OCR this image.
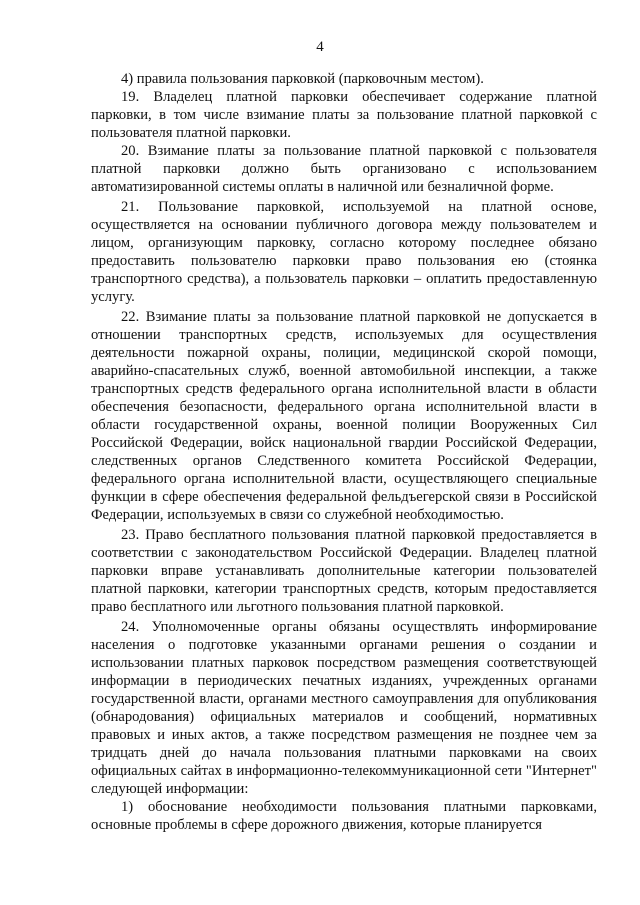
4

4) правила пользования парковкой (парковочным местом).

19. Владелец платной парковки обеспечивает содержание платной парковки, в том числе взимание платы за пользование платной парковкой с пользователя платной парковки.

20. Взимание платы за пользование платной парковкой с пользователя платной парковки должно быть организовано с использованием автоматизированной системы оплаты в наличной или безналичной форме.

21. Пользование парковкой, используемой на платной основе, осуществляется на основании публичного договора между пользователем и лицом, организующим парковку, согласно которому последнее обязано предоставить пользователю парковки право пользования ею (стоянка транспортного средства), а пользователь парковки – оплатить предоставленную услугу.

22. Взимание платы за пользование платной парковкой не допускается в отношении транспортных средств, используемых для осуществления деятельности пожарной охраны, полиции, медицинской скорой помощи, аварийно-спасательных служб, военной автомобильной инспекции, а также транспортных средств федерального органа исполнительной власти в области обеспечения безопасности, федерального органа исполнительной власти в области государственной охраны, военной полиции Вооруженных Сил Российской Федерации, войск национальной гвардии Российской Федерации, следственных органов Следственного комитета Российской Федерации, федерального органа исполнительной власти, осуществляющего специальные функции в сфере обеспечения федеральной фельдъегерской связи в Российской Федерации, используемых в связи со служебной необходимостью.

23. Право бесплатного пользования платной парковкой предоставляется в соответствии с законодательством Российской Федерации. Владелец платной парковки вправе устанавливать дополнительные категории пользователей платной парковки, категории транспортных средств, которым предоставляется право бесплатного или льготного пользования платной парковкой.

24. Уполномоченные органы обязаны осуществлять информирование населения о подготовке указанными органами решения о создании и использовании платных парковок посредством размещения соответствующей информации в периодических печатных изданиях, учрежденных органами государственной власти, органами местного самоуправления для опубликования (обнародования) официальных материалов и сообщений, нормативных правовых и иных актов, а также посредством размещения не позднее чем за тридцать дней до начала пользования платными парковками на своих официальных сайтах в информационно-телекоммуникационной сети "Интернет" следующей информации:

1) обоснование необходимости пользования платными парковками, основные проблемы в сфере дорожного движения, которые планируется
